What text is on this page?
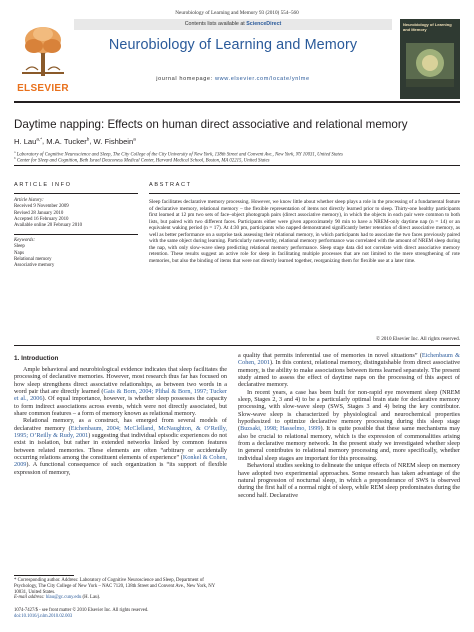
Neurobiology of Learning and Memory 93 (2010) 554–560
ELSEVIER
Contents lists available at ScienceDirect
Neurobiology of Learning and Memory
journal homepage: www.elsevier.com/locate/ynlme
Neurobiology of Learning and Memory
Daytime napping: Effects on human direct associative and relational memory
H. Lau$^{a,*}$, M.A. Tucker$^b$, W. Fishbein$^a$
$^a$ Laboratory of Cognitive Neuroscience and Sleep, The City College of the City University of New York, 138th Street and Convent Ave., New York, NY 10031, United States
$^b$ Center for Sleep and Cognition, Beth Israel Deaconess Medical Center, Harvard Medical School, Boston, MA 02215, United States
ARTICLE INFO	ABSTRACT
Article history:
Received 9 November 2009
Revised 28 January 2010
Accepted 16 February 2010
Available online 20 February 2010
Keywords:
Sleep
Naps
Relational memory
Associative memory
Sleep facilitates declarative memory processing. However, we know little about whether sleep plays a role in the processing of a fundamental feature of declarative memory, relational memory – the flexible representation of items not directly learned prior to sleep. Thirty-one healthy participants first learned at 12 pm two sets of face–object photograph pairs (direct associative memory), in which the objects in each pair were common to both lists, but paired with two different faces. Participants either were given approximately 90 min to have a NREM-only daytime nap (n = 14) or an equivalent waking period (n = 17). At 4:30 pm, participants who napped demonstrated significantly better retention of direct associative memory, as well as better performance on a surprise task assessing their relational memory, in which participants had to associate the two faces previously paired with the same object during learning. Particularly noteworthy, relational memory performance was correlated with the amount of NREM sleep during the nap, with only slow-wave sleep predicting relational memory performance. Sleep stage data did not correlate with direct associative memory retention. These results suggest an active role for sleep in facilitating multiple processes that are not limited to the mere strengthening of rote memories, but also the binding of items that were not directly learned together, reorganizing them for flexible use at a later time.
© 2010 Elsevier Inc. All rights reserved.
1. Introduction

Ample behavioral and neurobiological evidence indicates that sleep facilitates the processing of declarative memories. However, most research thus far has focused on how sleep strengthens direct associative relationships, as between two words in a word pair that are directly learned (Gais & Born, 2004; Plihal & Born, 1997; Tucker et al., 2006). Of equal importance, however, is whether sleep possesses the capacity to form indirect associations across events, which were not directly associated, but share common features – a form of memory known as relational memory.

Relational memory, as a construct, has emerged from several models of declarative memory (Eichenbaum, 2004; McClelland, McNaughton, & O’Reilly, 1995; O’Reilly & Rudy, 2001) suggesting that individual episodic experiences do not exist in isolation, but rather in extended networks linked by common features between related memories. These elements are often “arbitrary or accidentally occurring relations among the constituent elements of experience” (Konkel & Cohen, 2009). A functional consequence of such organization is “its support of flexible expression of memory,

a quality that permits inferential use of memories in novel situations” (Eichenbaum & Cohen, 2001). In this context, relational memory, distinguishable from direct associative memory, is the ability to make associations between items learned separately. The present study aimed to assess the effect of daytime naps on the processing of this aspect of declarative memory.

In recent years, a case has been built for non-rapid eye movement sleep (NREM sleep, Stages 2, 3 and 4) to be a particularly optimal brain state for declarative memory processing, with slow-wave sleep (SWS, Stages 3 and 4) being the key contributor. Slow-wave sleep is characterized by physiological and neurochemical properties hypothesized to optimize declarative memory processing during this sleep stage (Buzsaki, 1998; Hasselmo, 1999). It is quite possible that these same mechanisms may also be crucial to relational memory, which is the expression of commonalities arising from a declarative memory network. In the present study we investigated whether sleep in general contributes to relational memory processing and, more specifically, whether individual sleep stages are important for this processing.

Behavioral studies seeking to delineate the unique effects of NREM sleep on memory have adopted two experimental approaches. Some research has taken advantage of the natural progression of nocturnal sleep, in which a preponderance of SWS is observed during the first half of a normal night of sleep, while REM sleep predominates during the second half. Declarative

* Corresponding author. Address: Laboratory of Cognitive Neuroscience and Sleep, Department of Psychology, The City College of New York – NAC 7120, 138th Street and Convent Ave., New York, NY 10031, United States.
E-mail address: hlau@gc.cuny.edu (H. Lau).
1074-7427/$ - see front matter © 2010 Elsevier Inc. All rights reserved.
doi:10.1016/j.nlm.2010.02.003
